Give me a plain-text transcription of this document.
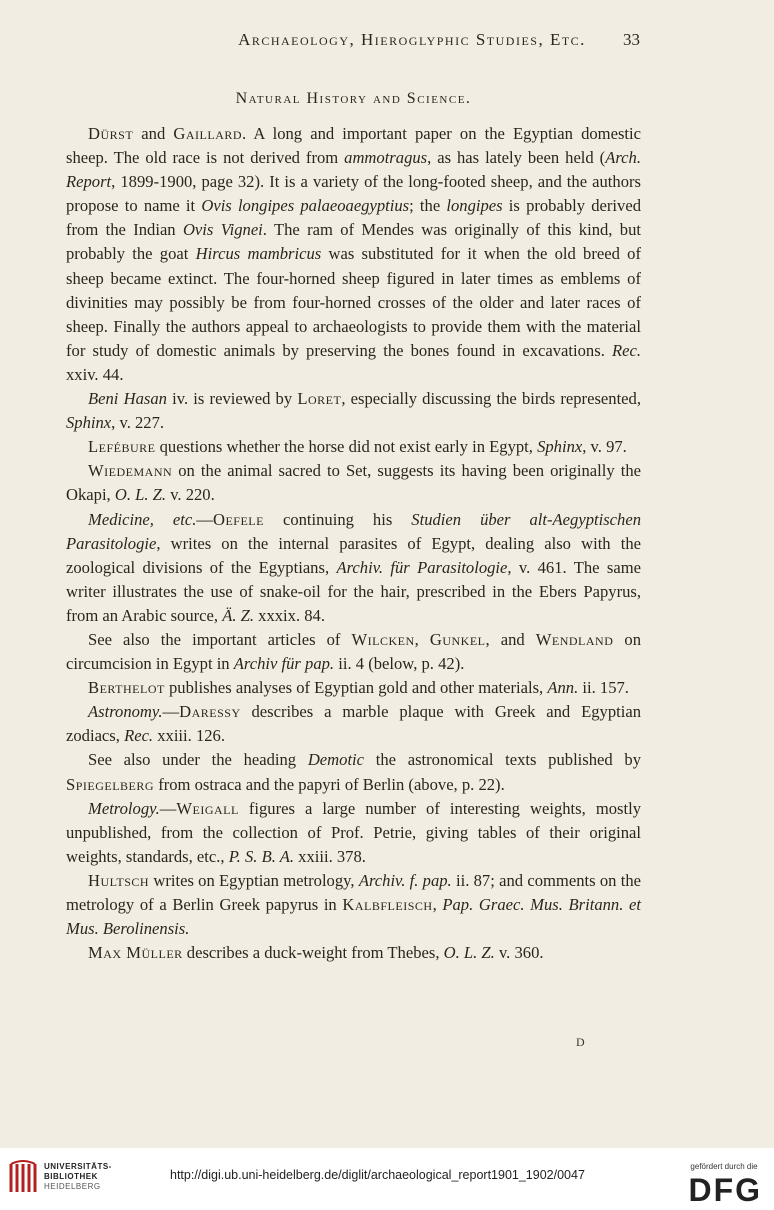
Archaeology, Hieroglyphic Studies, Etc.	33
Natural History and Science.

Dürst and Gaillard. A long and important paper on the Egyptian domestic sheep. The old race is not derived from ammotragus, as has lately been held (Arch. Report, 1899-1900, page 32). It is a variety of the long-footed sheep, and the authors propose to name it Ovis longipes palaeoaegyptius; the longipes is probably derived from the Indian Ovis Vignei. The ram of Mendes was originally of this kind, but probably the goat Hircus mambricus was substituted for it when the old breed of sheep became extinct. The four-horned sheep figured in later times as emblems of divinities may possibly be from four-horned crosses of the older and later races of sheep. Finally the authors appeal to archaeologists to provide them with the material for study of domestic animals by preserving the bones found in excavations. Rec. xxiv. 44.

Beni Hasan iv. is reviewed by Loret, especially discussing the birds represented, Sphinx, v. 227.

Lefébure questions whether the horse did not exist early in Egypt, Sphinx, v. 97.

Wiedemann on the animal sacred to Set, suggests its having been originally the Okapi, O. L. Z. v. 220.

Medicine, etc.—Oefele continuing his Studien über alt-Aegyptischen Parasitologie, writes on the internal parasites of Egypt, dealing also with the zoological divisions of the Egyptians, Archiv. für Parasitologie, v. 461. The same writer illustrates the use of snake-oil for the hair, prescribed in the Ebers Papyrus, from an Arabic source, Ä. Z. xxxix. 84.

See also the important articles of Wilcken, Gunkel, and Wendland on circumcision in Egypt in Archiv für pap. ii. 4 (below, p. 42).

Berthelot publishes analyses of Egyptian gold and other materials, Ann. ii. 157.

Astronomy.—Daressy describes a marble plaque with Greek and Egyptian zodiacs, Rec. xxiii. 126.

See also under the heading Demotic the astronomical texts published by Spiegelberg from ostraca and the papyri of Berlin (above, p. 22).

Metrology.—Weigall figures a large number of interesting weights, mostly unpublished, from the collection of Prof. Petrie, giving tables of their original weights, standards, etc., P. S. B. A. xxiii. 378.

Hultsch writes on Egyptian metrology, Archiv. f. pap. ii. 87; and comments on the metrology of a Berlin Greek papyrus in Kalbfleisch, Pap. Graec. Mus. Britann. et Mus. Berolinensis.

Max Müller describes a duck-weight from Thebes, O. L. Z. v. 360.

D
UNIVERSITÄTS-
BIBLIOTHEK
HEIDELBERG
http://digi.ub.uni-heidelberg.de/diglit/archaeological_report1901_1902/0047
gefördert durch die
DFG
